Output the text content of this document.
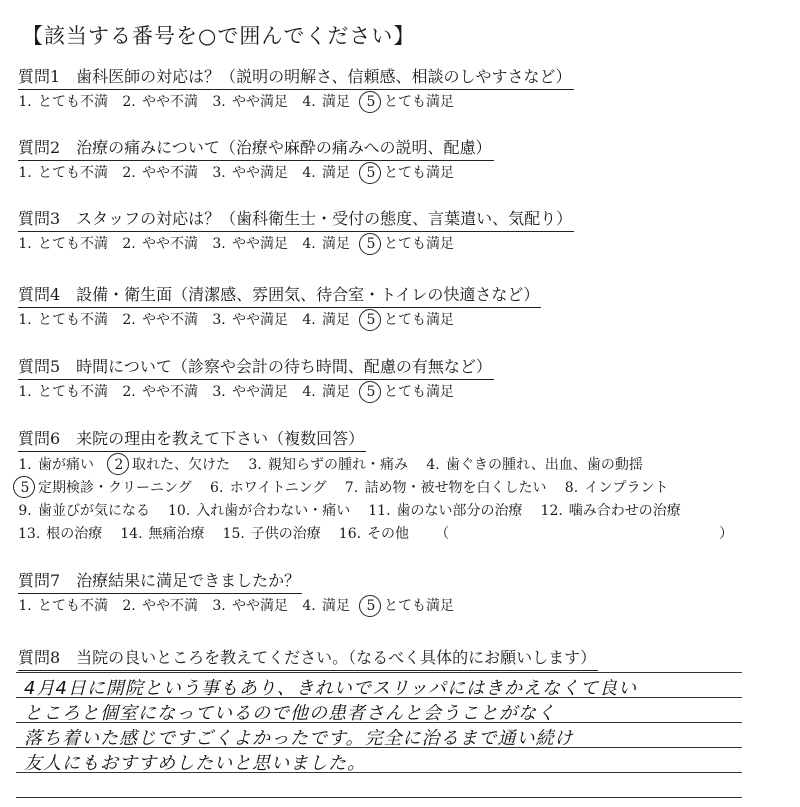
【該当する番号を○で囲んでください】
質問1　歯科医師の対応は？（説明の明解さ、信頼感、相談のしやすさなど）
1. とても不満 2. やや不満 3. やや満足 4. 満足 5 とても満足
質問2　治療の痛みについて（治療や麻酔の痛みへの説明、配慮）
1. とても不満 2. やや不満 3. やや満足 4. 満足 5 とても満足
質問3　スタッフの対応は？（歯科衛生士・受付の態度、言葉遣い、気配り）
1. とても不満 2. やや不満 3. やや満足 4. 満足 5 とても満足
質問4　設備・衛生面（清潔感、雰囲気、待合室・トイレの快適さなど）
1. とても不満 2. やや不満 3. やや満足 4. 満足 5 とても満足
質問5　時間について（診察や会計の待ち時間、配慮の有無など）
1. とても不満 2. やや不満 3. やや満足 4. 満足 5 とても満足
質問6　来院の理由を教えて下さい（複数回答）
1. 歯が痛い 2 取れた、欠けた 3. 親知らずの腫れ・痛み 4. 歯ぐきの腫れ、出血、歯の動揺
5 定期検診・クリーニング 6. ホワイトニング 7. 詰め物・被せ物を白くしたい 8. インプラント
9. 歯並びが気になる 10. 入れ歯が合わない・痛い 11. 歯のない部分の治療 12. 噛み合わせの治療
13. 根の治療 14. 無痛治療 15. 子供の治療 16. その他 （	）
質問7　治療結果に満足できましたか？
1. とても不満 2. やや不満 3. やや満足 4. 満足 5 とても満足
質問8　当院の良いところを教えてください。（なるべく具体的にお願いします）
4月4日に開院という事もあり、きれいでスリッパにはきかえなくて良い
ところと個室になっているので他の患者さんと会うことがなく
落ち着いた感じですごくよかったです。完全に治るまで通い続け
友人にもおすすめしたいと思いました。
